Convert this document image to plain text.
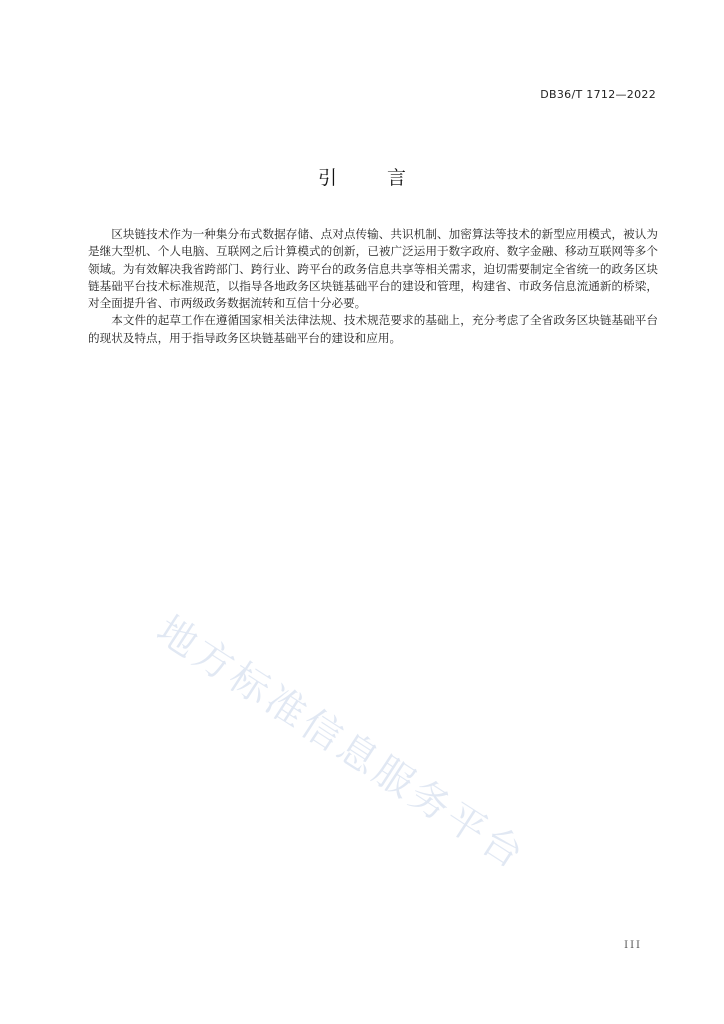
DB36/T 1712—2022
引 言

区块链技术作为一种集分布式数据存储、点对点传输、共识机制、加密算法等技术的新型应用模式，被认为是继大型机、个人电脑、互联网之后计算模式的创新，已被广泛运用于数字政府、数字金融、移动互联网等多个领域。为有效解决我省跨部门、跨行业、跨平台的政务信息共享等相关需求，迫切需要制定全省统一的政务区块链基础平台技术标准规范，以指导各地政务区块链基础平台的建设和管理，构建省、市政务信息流通新的桥梁，对全面提升省、市两级政务数据流转和互信十分必要。

本文件的起草工作在遵循国家相关法律法规、技术规范要求的基础上，充分考虑了全省政务区块链基础平台的现状及特点，用于指导政务区块链基础平台的建设和应用。

地方标准信息服务平台
III
